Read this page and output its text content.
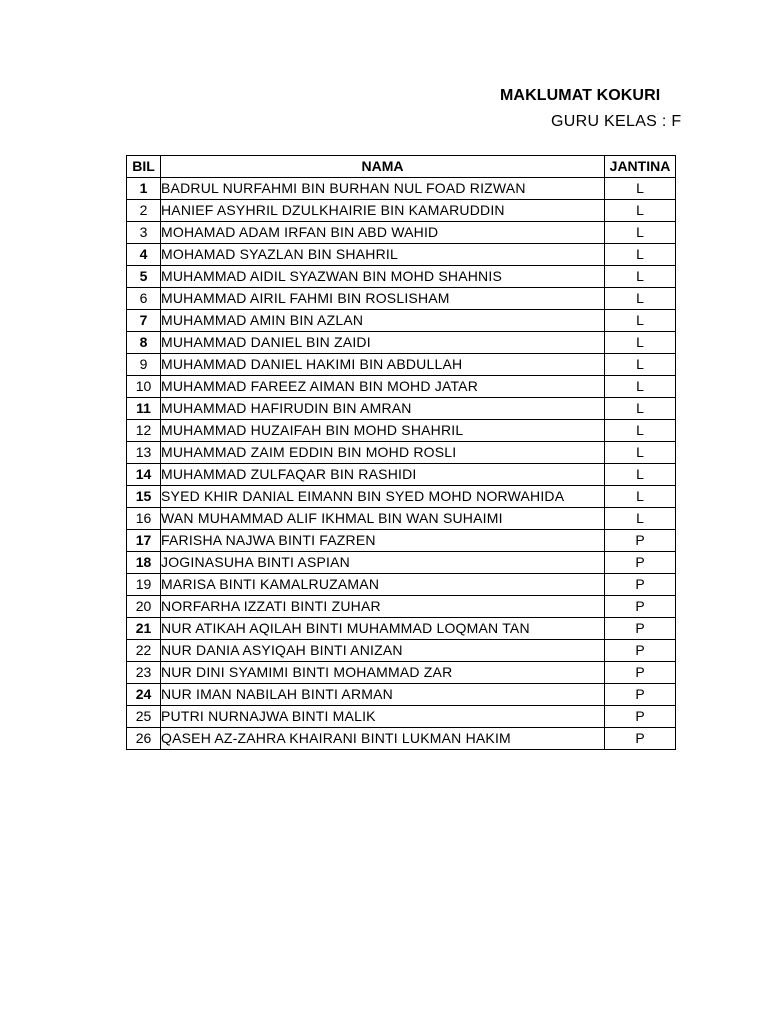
MAKLUMAT KOKURI
GURU KELAS : F
BIL	NAMA	JANTINA
1	BADRUL NURFAHMI BIN BURHAN NUL FOAD RIZWAN	L
2	HANIEF ASYHRIL DZULKHAIRIE BIN KAMARUDDIN	L
3	MOHAMAD ADAM IRFAN BIN ABD WAHID	L
4	MOHAMAD SYAZLAN BIN SHAHRIL	L
5	MUHAMMAD AIDIL SYAZWAN BIN MOHD SHAHNIS	L
6	MUHAMMAD AIRIL FAHMI BIN ROSLISHAM	L
7	MUHAMMAD AMIN BIN AZLAN	L
8	MUHAMMAD DANIEL BIN ZAIDI	L
9	MUHAMMAD DANIEL HAKIMI BIN ABDULLAH	L
10	MUHAMMAD FAREEZ AIMAN BIN MOHD JATAR	L
11	MUHAMMAD HAFIRUDIN BIN AMRAN	L
12	MUHAMMAD HUZAIFAH BIN MOHD SHAHRIL	L
13	MUHAMMAD ZAIM EDDIN BIN MOHD ROSLI	L
14	MUHAMMAD ZULFAQAR BIN RASHIDI	L
15	SYED KHIR DANIAL EIMANN BIN SYED MOHD NORWAHIDA	L
16	WAN MUHAMMAD ALIF IKHMAL BIN WAN SUHAIMI	L
17	FARISHA NAJWA BINTI FAZREN	P
18	JOGINASUHA BINTI ASPIAN	P
19	MARISA BINTI KAMALRUZAMAN	P
20	NORFARHA IZZATI BINTI ZUHAR	P
21	NUR ATIKAH AQILAH BINTI MUHAMMAD LOQMAN TAN	P
22	NUR DANIA ASYIQAH BINTI ANIZAN	P
23	NUR DINI SYAMIMI BINTI MOHAMMAD ZAR	P
24	NUR IMAN NABILAH BINTI ARMAN	P
25	PUTRI NURNAJWA BINTI MALIK	P
26	QASEH AZ-ZAHRA KHAIRANI BINTI LUKMAN HAKIM	P
